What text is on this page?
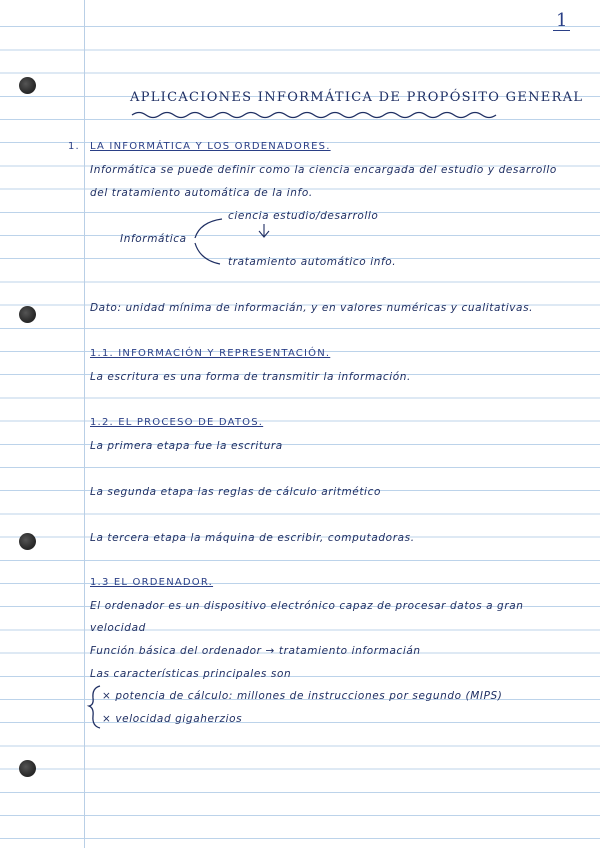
1
APLICACIONES INFORMÁTICA DE PROPÓSITO GENERAL
1. LA INFORMÁTICA Y LOS ORDENADORES.
Informática se puede definir como la ciencia encargada del estudio y desarrollo
del tratamiento automática de la info.
Informática
ciencia estudio/desarrollo
tratamiento automático info.
Dato: unidad mínima de informacián, y en valores numéricas y cualitativas.
1.1. INFORMACIÓN Y REPRESENTACIÓN.
La escritura es una forma de transmitir la información.
1.2. EL PROCESO DE DATOS.
La primera etapa fue la escritura
La segunda etapa las reglas de cálculo aritmético
La tercera etapa la máquina de escribir, computadoras.
1.3 EL ORDENADOR.
El ordenador es un dispositivo electrónico capaz de procesar datos a gran
velocidad
Función básica del ordenador → tratamiento informacián
Las características principales son
× potencia de cálculo: millones de instrucciones por segundo (MIPS)
× velocidad gigaherzios
